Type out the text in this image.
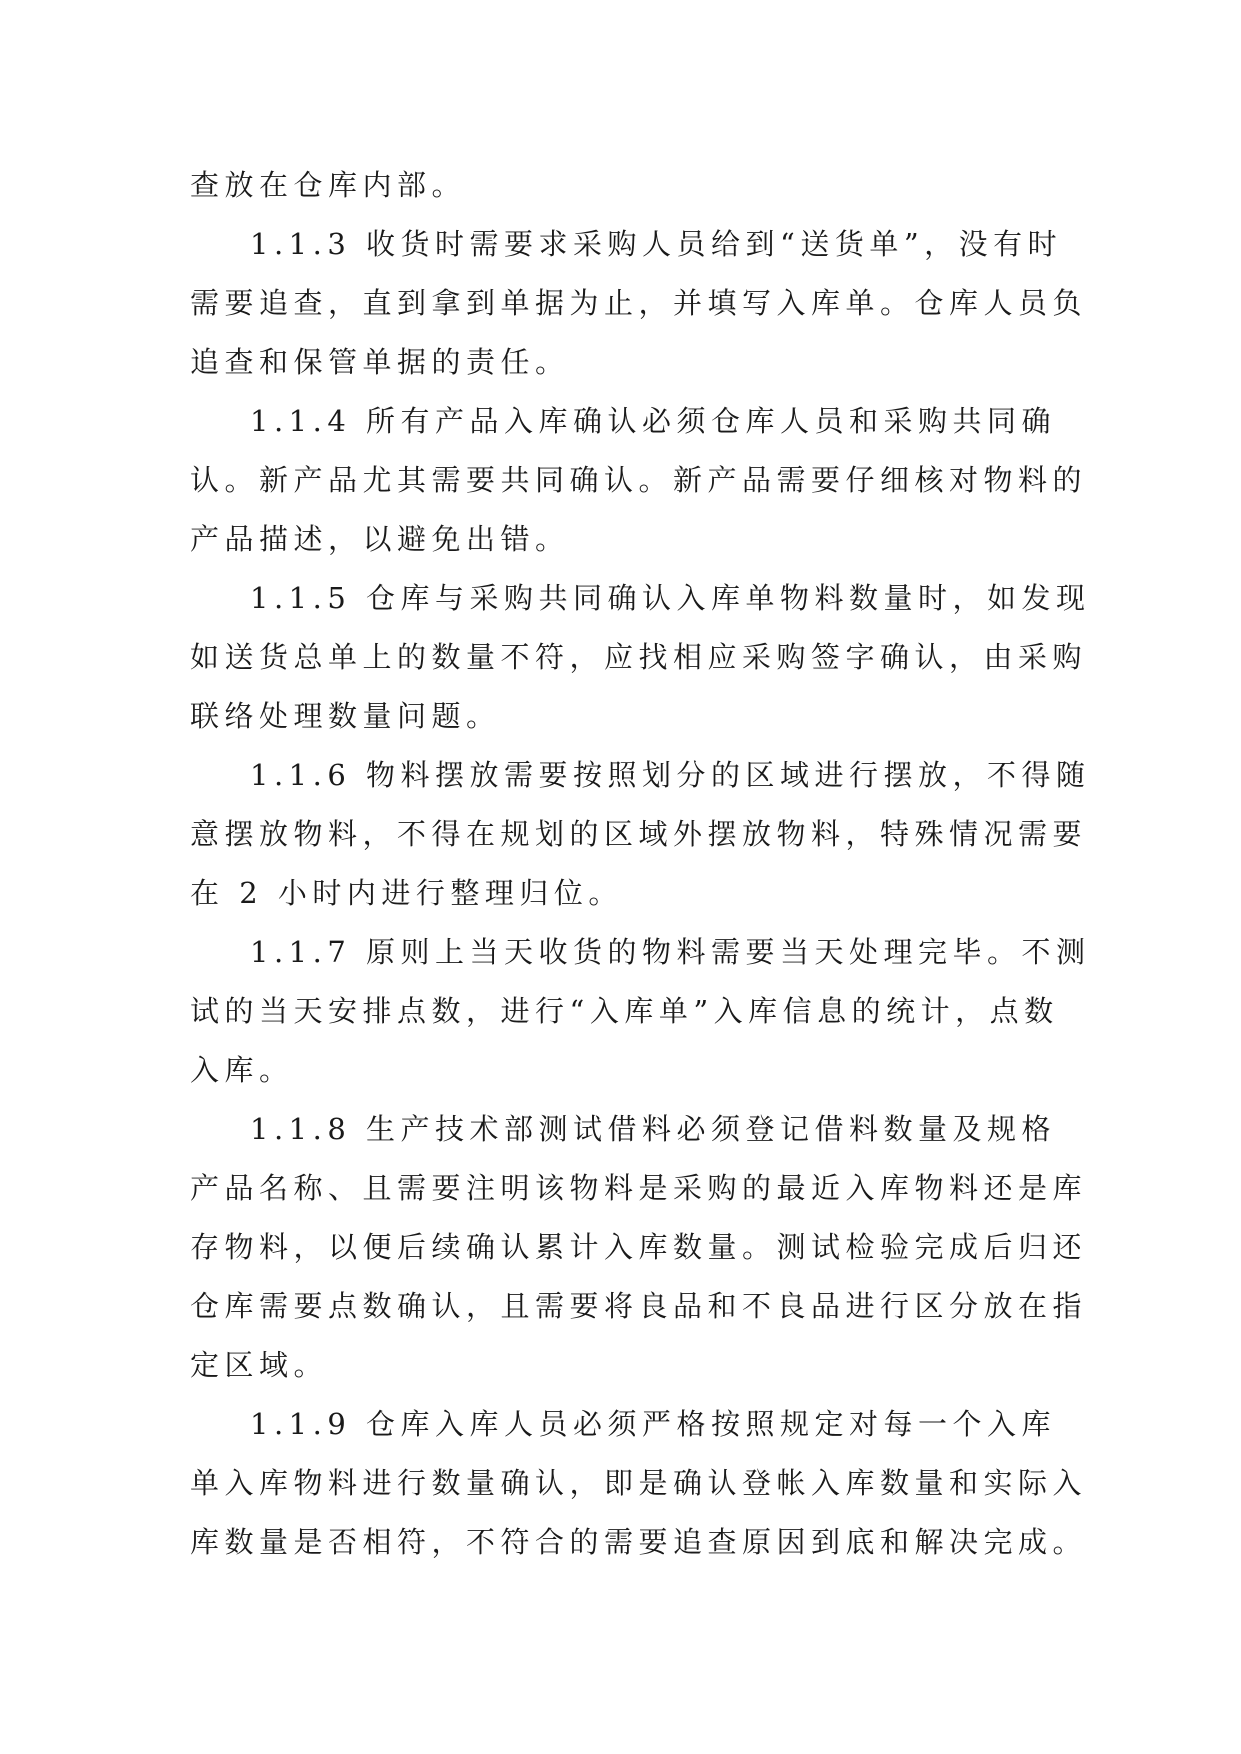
查放在仓库内部。
1.1.3 收货时需要求采购人员给到“送货单”，没有时
需要追查，直到拿到单据为止，并填写入库单。仓库人员负
追查和保管单据的责任。
1.1.4 所有产品入库确认必须仓库人员和采购共同确
认。新产品尤其需要共同确认。新产品需要仔细核对物料的
产品描述，以避免出错。
1.1.5 仓库与采购共同确认入库单物料数量时，如发现
如送货总单上的数量不符，应找相应采购签字确认，由采购
联络处理数量问题。
1.1.6 物料摆放需要按照划分的区域进行摆放，不得随
意摆放物料，不得在规划的区域外摆放物料，特殊情况需要
在 2 小时内进行整理归位。
1.1.7 原则上当天收货的物料需要当天处理完毕。不测
试的当天安排点数，进行“入库单”入库信息的统计，点数
入库。
1.1.8 生产技术部测试借料必须登记借料数量及规格
产品名称、且需要注明该物料是采购的最近入库物料还是库
存物料，以便后续确认累计入库数量。测试检验完成后归还
仓库需要点数确认，且需要将良品和不良品进行区分放在指
定区域。
1.1.9 仓库入库人员必须严格按照规定对每一个入库
单入库物料进行数量确认，即是确认登帐入库数量和实际入
库数量是否相符，不符合的需要追查原因到底和解决完成。
